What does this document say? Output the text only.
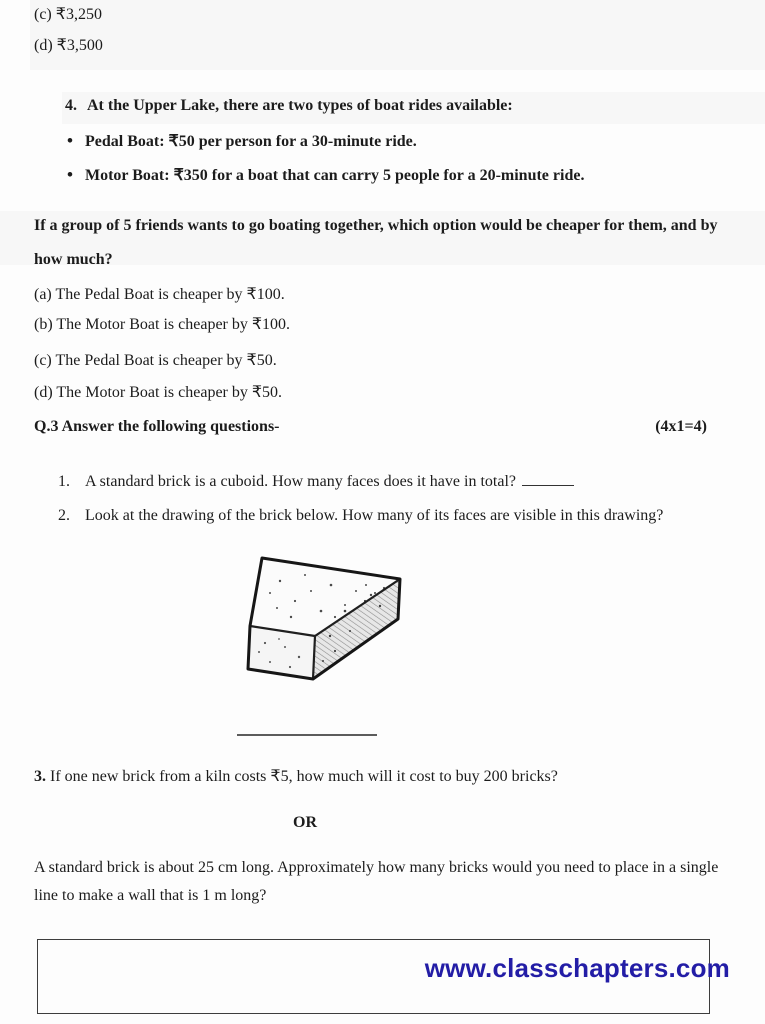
(c) ₹3,250
(d) ₹3,500
4. At the Upper Lake, there are two types of boat rides available:
• Pedal Boat: ₹50 per person for a 30-minute ride.
• Motor Boat: ₹350 for a boat that can carry 5 people for a 20-minute ride.
If a group of 5 friends wants to go boating together, which option would be cheaper for them, and by how much?
(a) The Pedal Boat is cheaper by ₹100.
(b) The Motor Boat is cheaper by ₹100.
(c) The Pedal Boat is cheaper by ₹50.
(d) The Motor Boat is cheaper by ₹50.
Q.3 Answer the following questions-	(4x1=4)
1. A standard brick is a cuboid. How many faces does it have in total?
2. Look at the drawing of the brick below. How many of its faces are visible in this drawing?
3. If one new brick from a kiln costs ₹5, how much will it cost to buy 200 bricks?
OR
A standard brick is about 25 cm long. Approximately how many bricks would you need to place in a single line to make a wall that is 1 m long?
www.classchapters.com
